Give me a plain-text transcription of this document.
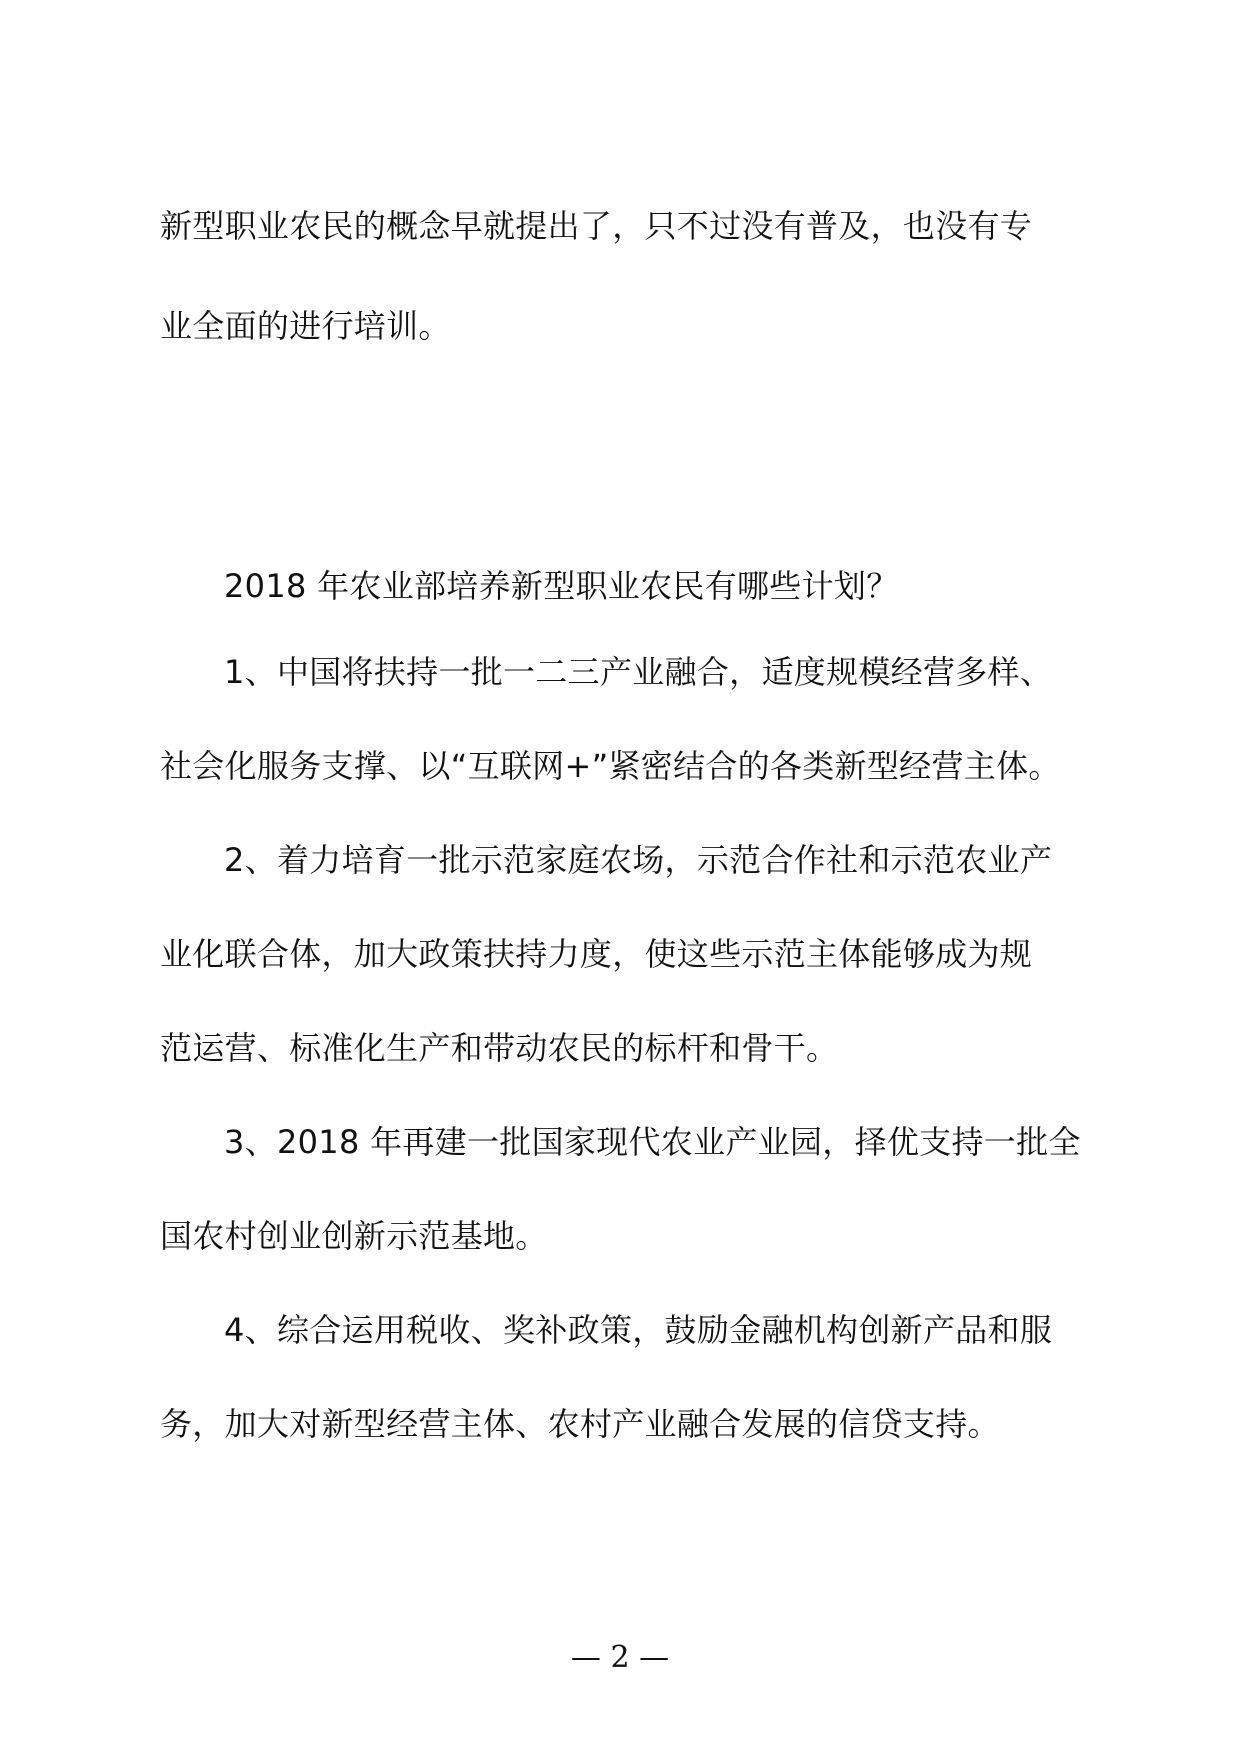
新型职业农民的概念早就提出了，只不过没有普及，也没有专

业全面的进行培训。

2018 年农业部培养新型职业农民有哪些计划？

1、中国将扶持一批一二三产业融合，适度规模经营多样、

社会化服务支撑、以“互联网+”紧密结合的各类新型经营主体。

2、着力培育一批示范家庭农场，示范合作社和示范农业产

业化联合体，加大政策扶持力度，使这些示范主体能够成为规

范运营、标准化生产和带动农民的标杆和骨干。

3、2018 年再建一批国家现代农业产业园，择优支持一批全

国农村创业创新示范基地。

4、综合运用税收、奖补政策，鼓励金融机构创新产品和服

务，加大对新型经营主体、农村产业融合发展的信贷支持。

— 2 —
